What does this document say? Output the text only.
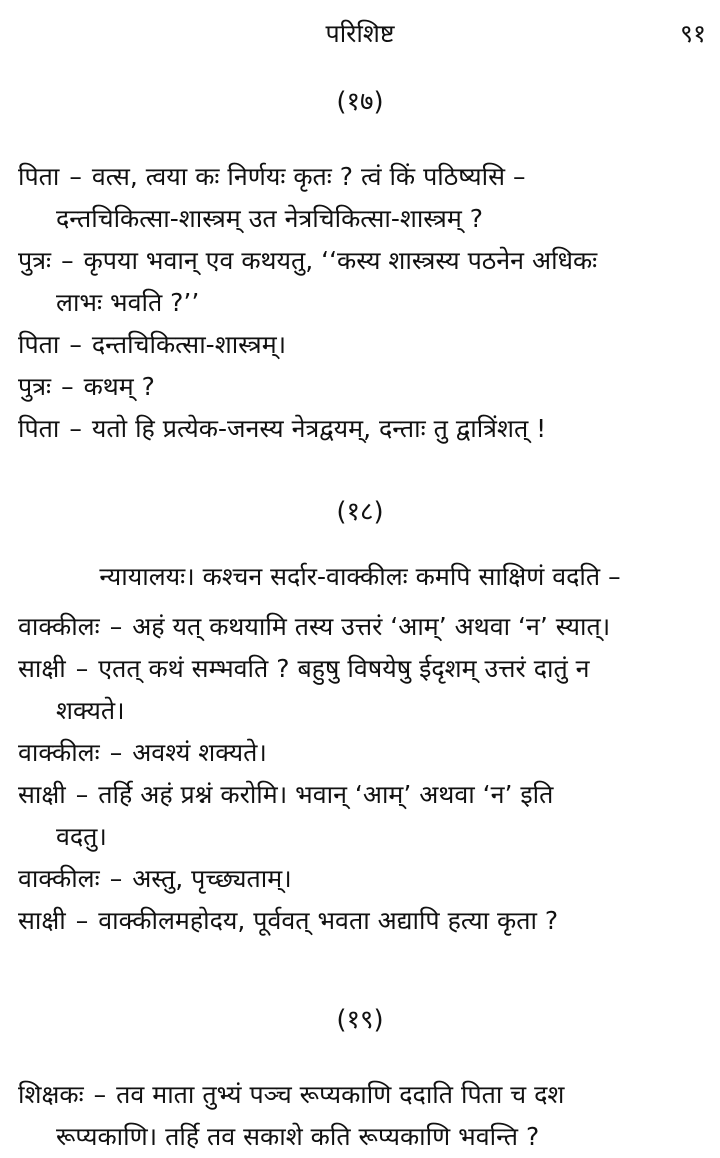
परिशिष्ट	९१
(१७)
पिता – वत्स, त्वया कः निर्णयः कृतः ? त्वं किं पठिष्यसि –
दन्तचिकित्सा-शास्त्रम् उत नेत्रचिकित्सा-शास्त्रम् ?
पुत्रः – कृपया भवान् एव कथयतु, ‘‘कस्य शास्त्रस्य पठनेन अधिकः
लाभः भवति ?’’
पिता – दन्तचिकित्सा-शास्त्रम्।
पुत्रः – कथम् ?
पिता – यतो हि प्रत्येक-जनस्य नेत्रद्वयम्, दन्ताः तु द्वात्रिंशत् !
(१८)
न्यायालयः। कश्चन सर्दार-वाक्कीलः कमपि साक्षिणं वदति –
वाक्कीलः – अहं यत् कथयामि तस्य उत्तरं ‘आम्’ अथवा ‘न’ स्यात्।
साक्षी – एतत् कथं सम्भवति ? बहुषु विषयेषु ईदृशम् उत्तरं दातुं न
शक्यते।
वाक्कीलः – अवश्यं शक्यते।
साक्षी – तर्हि अहं प्रश्नं करोमि। भवान् ‘आम्’ अथवा ‘न’ इति
वदतु।
वाक्कीलः – अस्तु, पृच्छ्यताम्।
साक्षी – वाक्कीलमहोदय, पूर्ववत् भवता अद्यापि हत्या कृता ?
(१९)
शिक्षकः – तव माता तुभ्यं पञ्च रूप्यकाणि ददाति पिता च दश
रूप्यकाणि। तर्हि तव सकाशे कति रूप्यकाणि भवन्ति ?
